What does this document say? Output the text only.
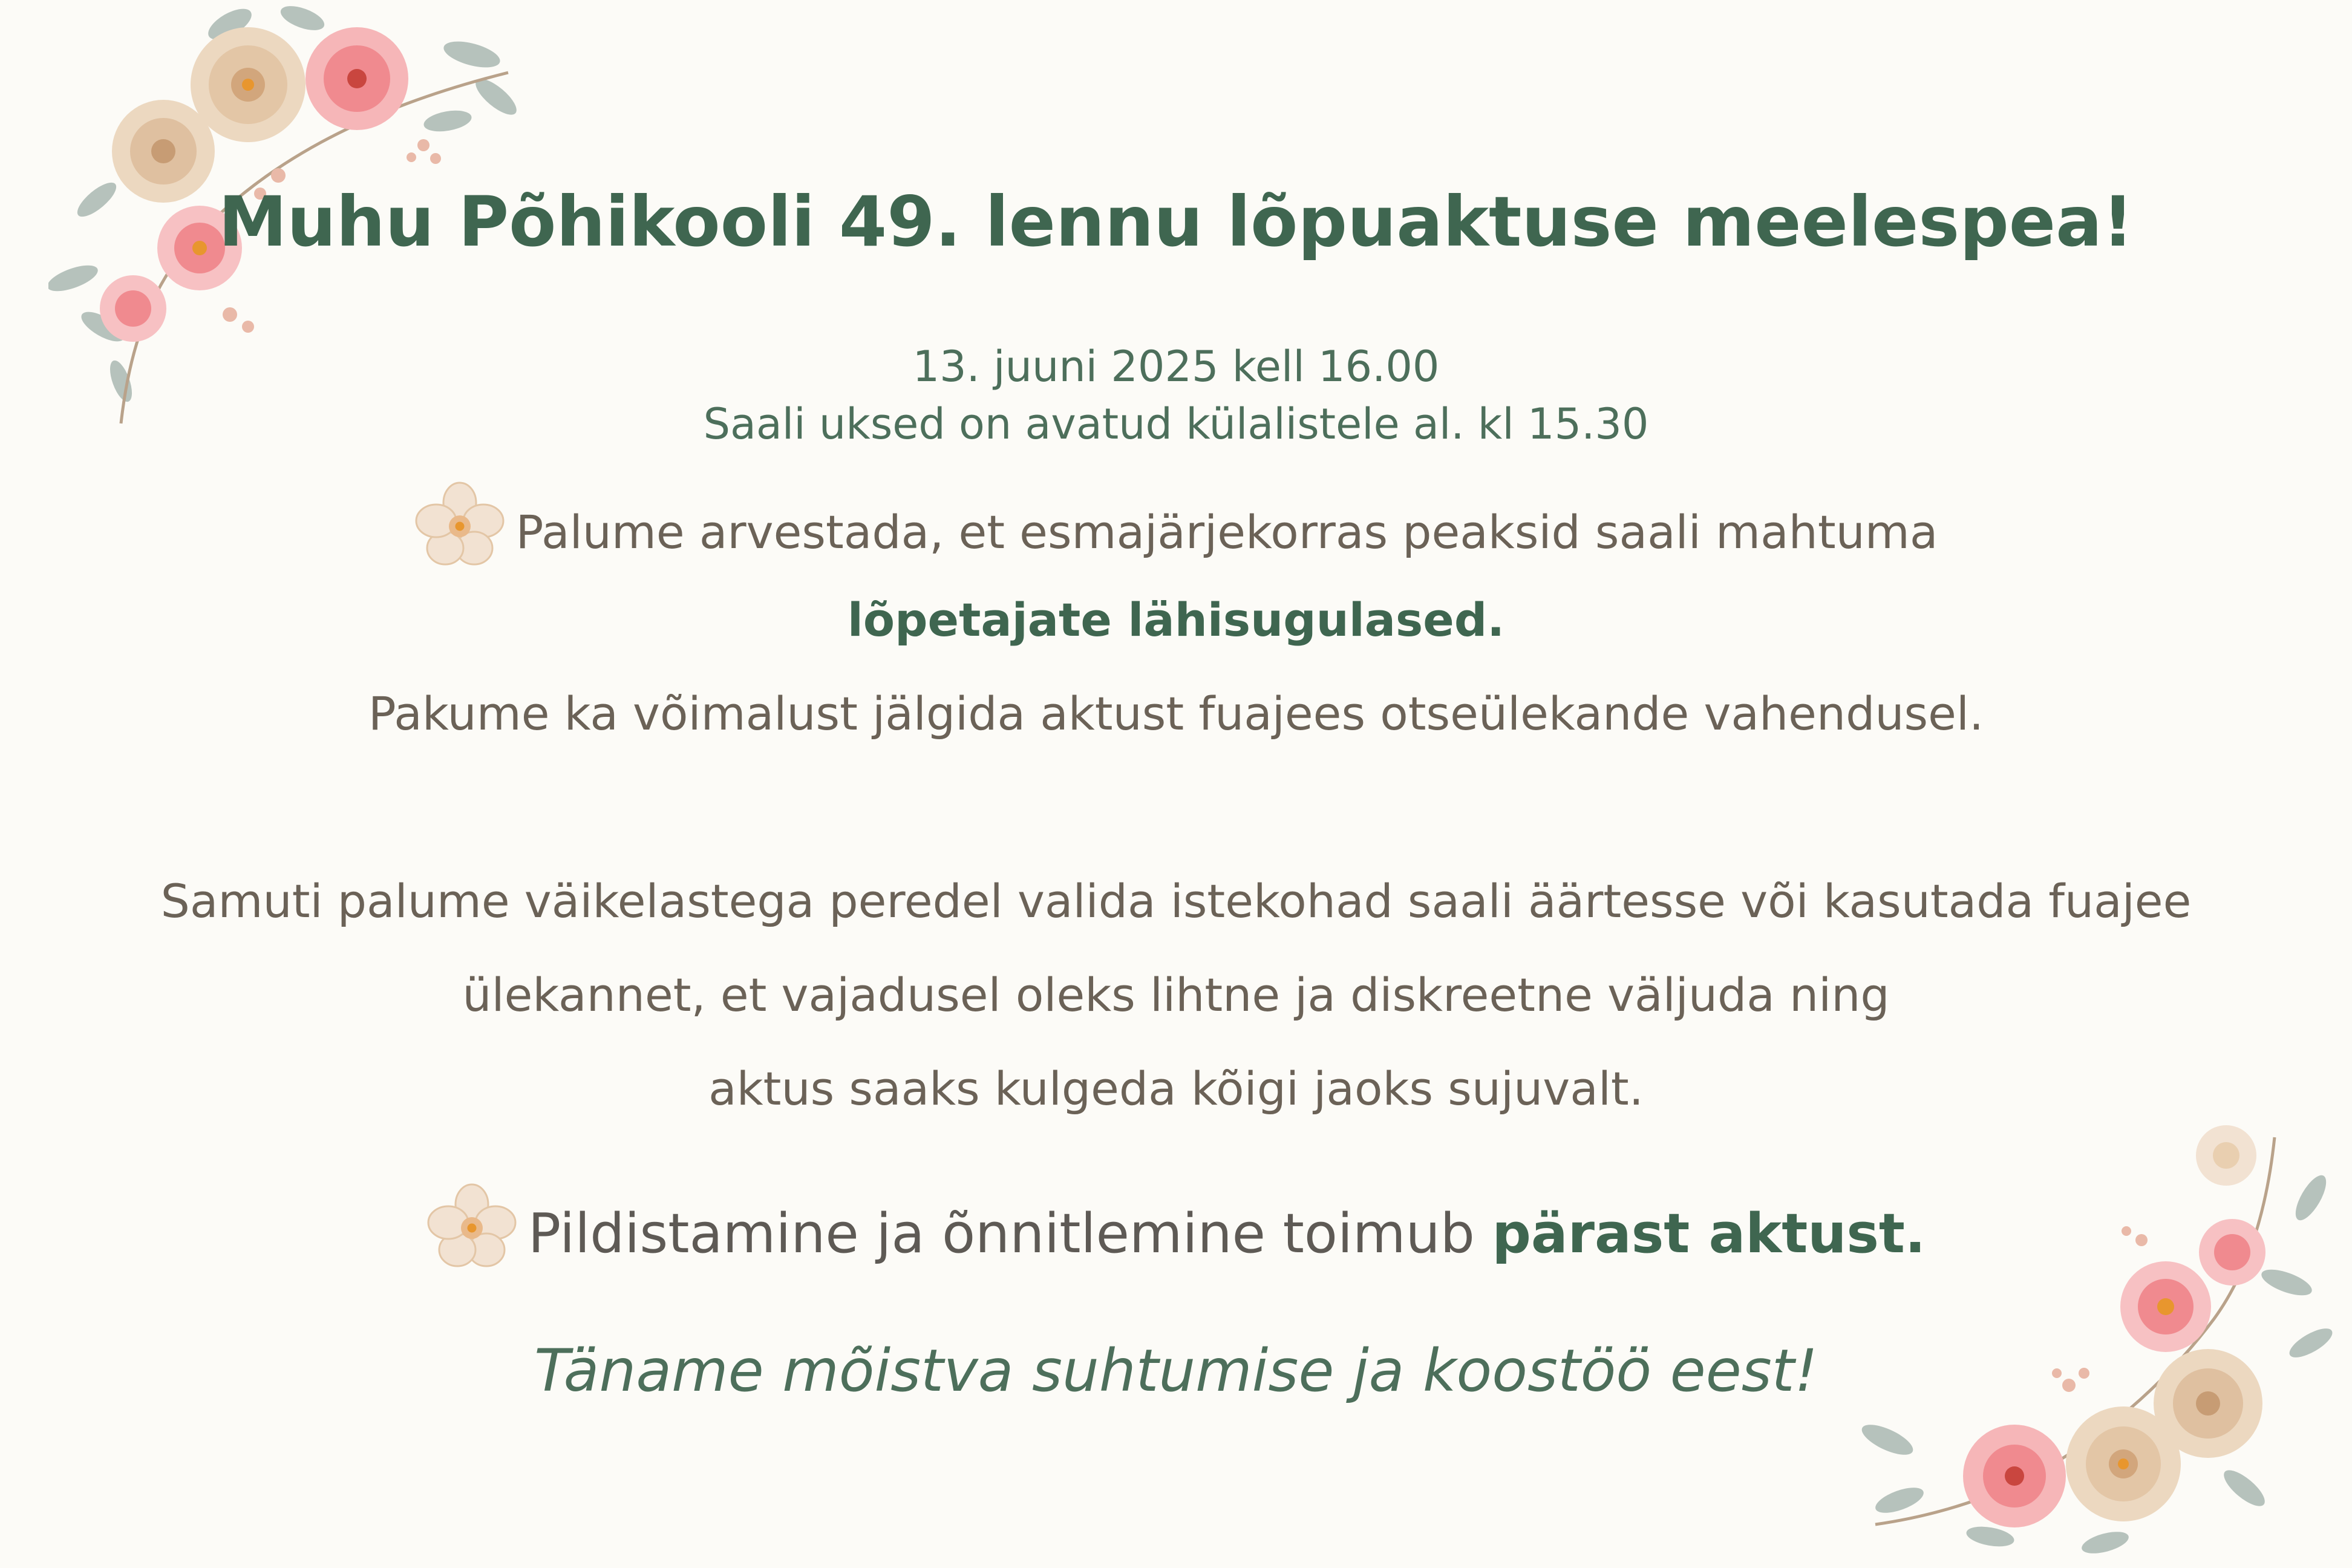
Muhu Põhikooli 49. lennu lõpuaktuse meelespea!
13. juuni 2025 kell 16.00
Saali uksed on avatud külalistele al. kl 15.30
Palume arvestada, et esmajärjekorras peaksid saali mahtuma
lõpetajate lähisugulased.
Pakume ka võimalust jälgida aktust fuajees otseülekande vahendusel.
Samuti palume väikelastega peredel valida istekohad saali äärtesse või kasutada fuajee
ülekannet, et vajadusel oleks lihtne ja diskreetne väljuda ning
aktus saaks kulgeda kõigi jaoks sujuvalt.
Pildistamine ja õnnitlemine toimub pärast aktust.
Täname mõistva suhtumise ja koostöö eest!
